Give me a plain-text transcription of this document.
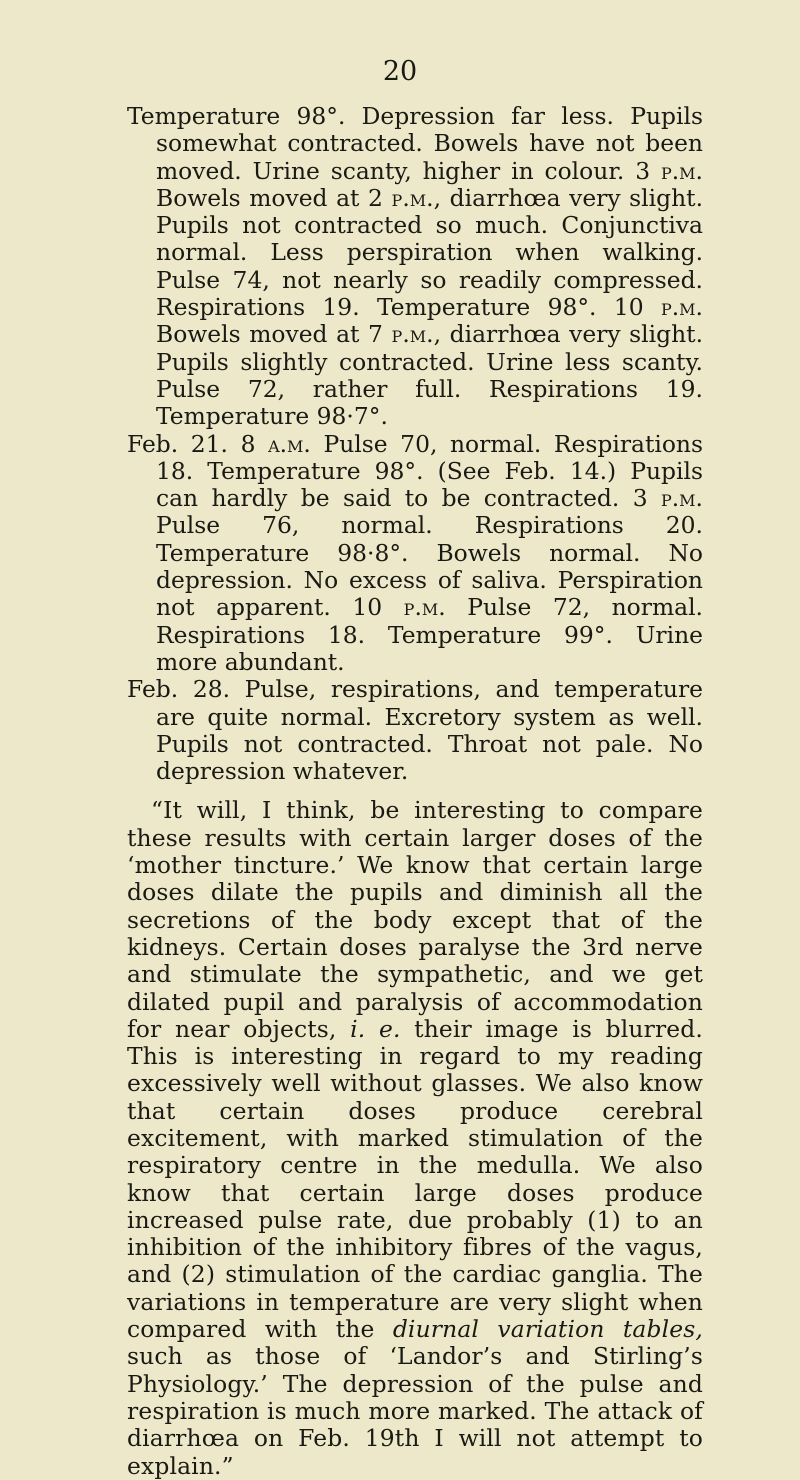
20

Temperature 98°. Depression far less. Pupils somewhat contracted. Bowels have not been moved. Urine scanty, higher in colour. 3 p.m. Bowels moved at 2 p.m., diarrhœa very slight. Pupils not contracted so much. Conjunctiva normal. Less perspiration when walking. Pulse 74, not nearly so readily compressed. Respirations 19. Temperature 98°. 10 p.m. Bowels moved at 7 p.m., diarrhœa very slight. Pupils slightly contracted. Urine less scanty. Pulse 72, rather full. Respirations 19. Temperature 98·7°.

Feb. 21. 8 a.m. Pulse 70, normal. Respirations 18. Temperature 98°. (See Feb. 14.) Pupils can hardly be said to be contracted. 3 p.m. Pulse 76, normal. Respirations 20. Temperature 98·8°. Bowels normal. No depression. No excess of saliva. Perspiration not apparent. 10 p.m. Pulse 72, normal. Respirations 18. Temperature 99°. Urine more abundant.

Feb. 28. Pulse, respirations, and temperature are quite normal. Excretory system as well. Pupils not contracted. Throat not pale. No depression whatever.

“It will, I think, be interesting to compare these results with certain larger doses of the ‘mother tincture.’ We know that certain large doses dilate the pupils and diminish all the secretions of the body except that of the kidneys. Certain doses paralyse the 3rd nerve and stimulate the sympathetic, and we get dilated pupil and paralysis of accommodation for near objects, i. e. their image is blurred. This is interesting in regard to my reading excessively well without glasses. We also know that certain doses produce cerebral excitement, with marked stimulation of the respiratory centre in the medulla. We also know that certain large doses produce increased pulse rate, due probably (1) to an inhibition of the inhibitory fibres of the vagus, and (2) stimulation of the cardiac ganglia. The variations in temperature are very slight when compared with the diurnal variation tables, such as those of ‘Landor’s and Stirling’s Physiology.’ The depression of the pulse and respiration is much more marked. The attack of diarrhœa on Feb. 19th I will not attempt to explain.”
